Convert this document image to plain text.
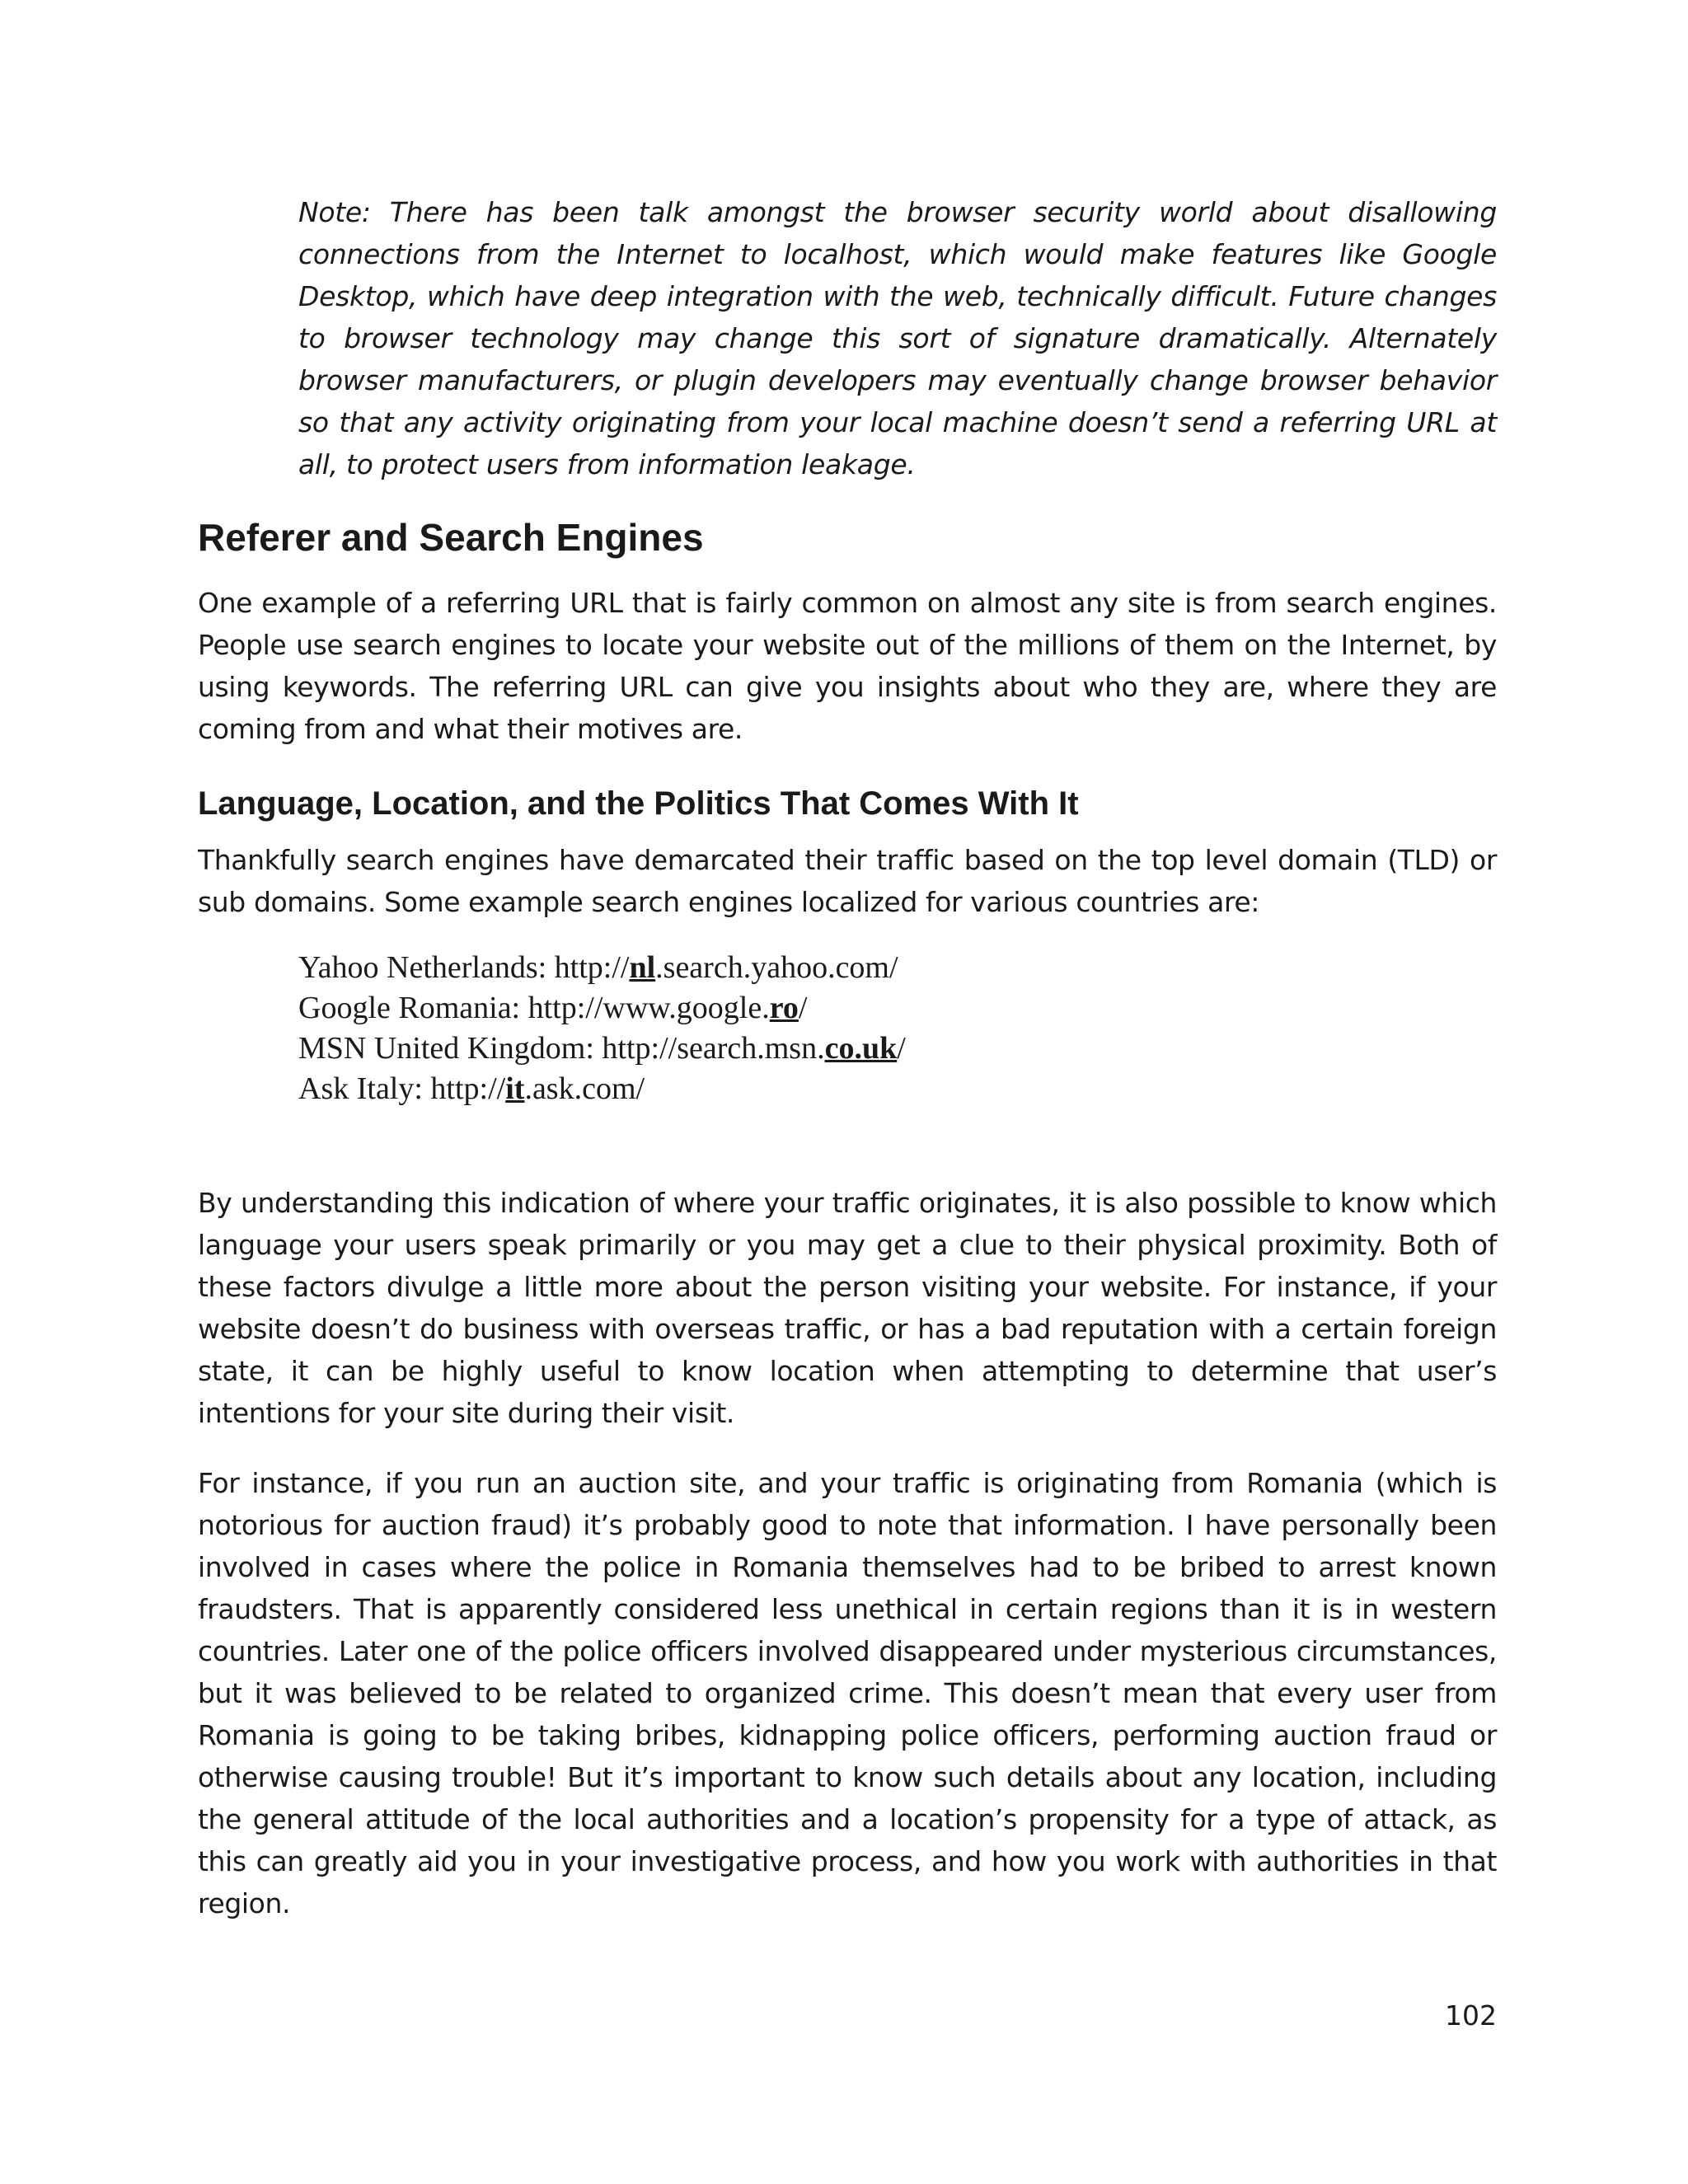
Note: There has been talk amongst the browser security world about disallowing connections from the Internet to localhost, which would make features like Google Desktop, which have deep integration with the web, technically difficult. Future changes to browser technology may change this sort of signature dramatically. Alternately browser manufacturers, or plugin developers may eventually change browser behavior so that any activity originating from your local machine doesn’t send a referring URL at all, to protect users from information leakage.

Referer and Search Engines

One example of a referring URL that is fairly common on almost any site is from search engines. People use search engines to locate your website out of the millions of them on the Internet, by using keywords. The referring URL can give you insights about who they are, where they are coming from and what their motives are.

Language, Location, and the Politics That Comes With It

Thankfully search engines have demarcated their traffic based on the top level domain (TLD) or sub domains. Some example search engines localized for various countries are:

Yahoo Netherlands: http://nl.search.yahoo.com/
Google Romania: http://www.google.ro/
MSN United Kingdom: http://search.msn.co.uk/
Ask Italy: http://it.ask.com/

By understanding this indication of where your traffic originates, it is also possible to know which language your users speak primarily or you may get a clue to their physical proximity. Both of these factors divulge a little more about the person visiting your website. For instance, if your website doesn’t do business with overseas traffic, or has a bad reputation with a certain foreign state, it can be highly useful to know location when attempting to determine that user’s intentions for your site during their visit.

For instance, if you run an auction site, and your traffic is originating from Romania (which is notorious for auction fraud) it’s probably good to note that information. I have personally been involved in cases where the police in Romania themselves had to be bribed to arrest known fraudsters. That is apparently considered less unethical in certain regions than it is in western countries. Later one of the police officers involved disappeared under mysterious circumstances, but it was believed to be related to organized crime. This doesn’t mean that every user from Romania is going to be taking bribes, kidnapping police officers, performing auction fraud or otherwise causing trouble! But it’s important to know such details about any location, including the general attitude of the local authorities and a location’s propensity for a type of attack, as this can greatly aid you in your investigative process, and how you work with authorities in that region.

102
